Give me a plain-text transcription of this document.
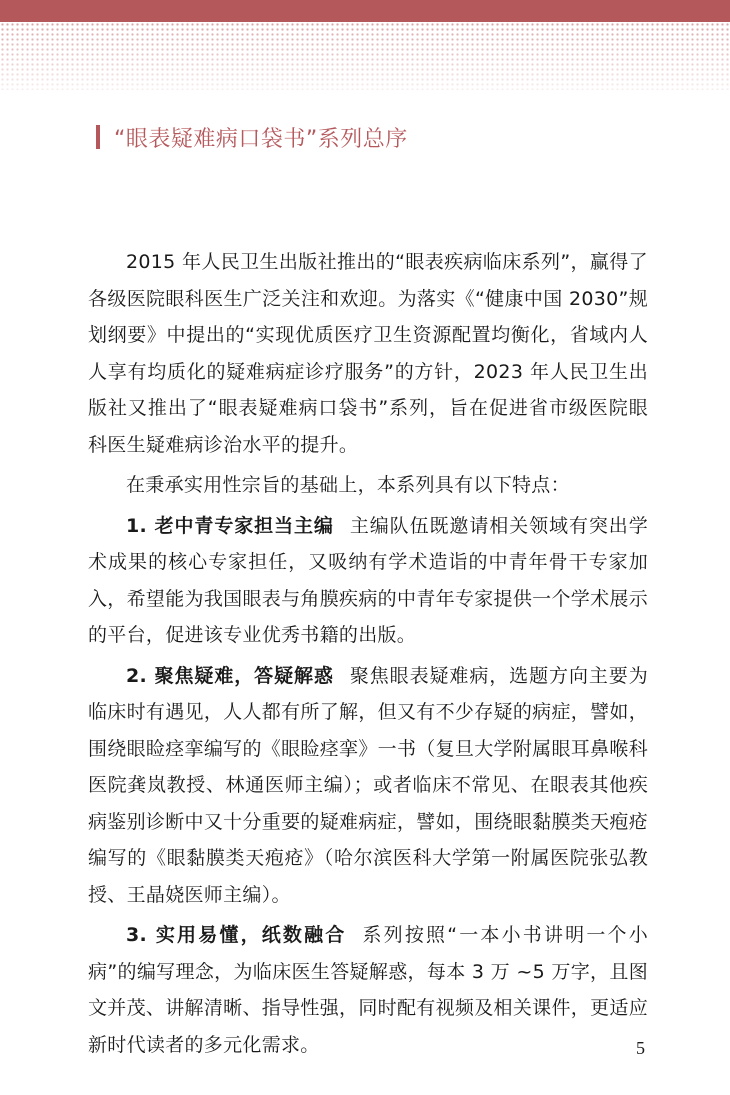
“眼表疑难病口袋书”系列总序

2015 年人民卫生出版社推出的“眼表疾病临床系列”，赢得了各级医院眼科医生广泛关注和欢迎。为落实《“健康中国 2030”规划纲要》中提出的“实现优质医疗卫生资源配置均衡化，省域内人人享有均质化的疑难病症诊疗服务”的方针，2023 年人民卫生出版社又推出了“眼表疑难病口袋书”系列，旨在促进省市级医院眼科医生疑难病诊治水平的提升。

在秉承实用性宗旨的基础上，本系列具有以下特点：

1. 老中青专家担当主编 主编队伍既邀请相关领域有突出学术成果的核心专家担任，又吸纳有学术造诣的中青年骨干专家加入，希望能为我国眼表与角膜疾病的中青年专家提供一个学术展示的平台，促进该专业优秀书籍的出版。

2. 聚焦疑难，答疑解惑 聚焦眼表疑难病，选题方向主要为临床时有遇见，人人都有所了解，但又有不少存疑的病症，譬如，围绕眼睑痉挛编写的《眼睑痉挛》一书（复旦大学附属眼耳鼻喉科医院龚岚教授、林通医师主编）；或者临床不常见、在眼表其他疾病鉴别诊断中又十分重要的疑难病症，譬如，围绕眼黏膜类天疱疮编写的《眼黏膜类天疱疮》（哈尔滨医科大学第一附属医院张弘教授、王晶娆医师主编）。

3. 实用易懂，纸数融合 系列按照“一本小书讲明一个小病”的编写理念，为临床医生答疑解惑，每本 3 万 ~5 万字，且图文并茂、讲解清晰、指导性强，同时配有视频及相关课件，更适应新时代读者的多元化需求。	5
